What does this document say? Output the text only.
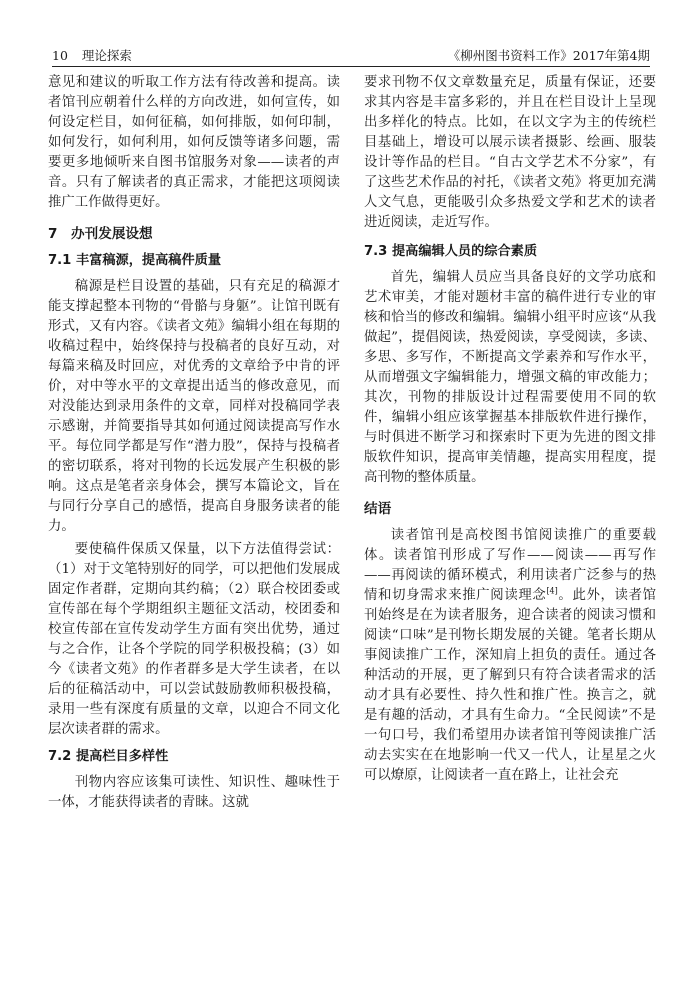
10 理论探索	《柳州图书资料工作》2017年第4期

意见和建议的听取工作方法有待改善和提高。读者馆刊应朝着什么样的方向改进，如何宣传，如何设定栏目，如何征稿，如何排版，如何印制，如何发行，如何利用，如何反馈等诸多问题，需要更多地倾听来自图书馆服务对象——读者的声音。只有了解读者的真正需求，才能把这项阅读推广工作做得更好。

7　办刊发展设想
7.1 丰富稿源，提高稿件质量

稿源是栏目设置的基础，只有充足的稿源才能支撑起整本刊物的“骨骼与身躯”。让馆刊既有形式，又有内容。《读者文苑》编辑小组在每期的收稿过程中，始终保持与投稿者的良好互动，对每篇来稿及时回应，对优秀的文章给予中肯的评价，对中等水平的文章提出适当的修改意见，而对没能达到录用条件的文章，同样对投稿同学表示感谢，并简要指导其如何通过阅读提高写作水平。每位同学都是写作“潜力股”，保持与投稿者的密切联系，将对刊物的长远发展产生积极的影响。这点是笔者亲身体会，撰写本篇论文，旨在与同行分享自己的感悟，提高自身服务读者的能力。

要使稿件保质又保量，以下方法值得尝试：（1）对于文笔特别好的同学，可以把他们发展成固定作者群，定期向其约稿；（2）联合校团委或宣传部在每个学期组织主题征文活动，校团委和校宣传部在宣传发动学生方面有突出优势，通过与之合作，让各个学院的同学积极投稿；(3）如今《读者文苑》的作者群多是大学生读者，在以后的征稿活动中，可以尝试鼓励教师积极投稿，录用一些有深度有质量的文章，以迎合不同文化层次读者群的需求。

7.2 提高栏目多样性

刊物内容应该集可读性、知识性、趣味性于一体，才能获得读者的青睐。这就

要求刊物不仅文章数量充足，质量有保证，还要求其内容是丰富多彩的，并且在栏目设计上呈现出多样化的特点。比如，在以文字为主的传统栏目基础上，增设可以展示读者摄影、绘画、服装设计等作品的栏目。“自古文学艺术不分家”，有了这些艺术作品的衬托，《读者文苑》将更加充满人文气息，更能吸引众多热爱文学和艺术的读者进近阅读，走近写作。

7.3 提高编辑人员的综合素质

首先，编辑人员应当具备良好的文学功底和艺术审美，才能对题材丰富的稿件进行专业的审核和恰当的修改和编辑。编辑小组平时应该“从我做起”，提倡阅读，热爱阅读，享受阅读，多读、多思、多写作，不断提高文学素养和写作水平，从而增强文字编辑能力，增强文稿的审改能力；其次，刊物的排版设计过程需要使用不同的软件，编辑小组应该掌握基本排版软件进行操作，与时俱进不断学习和探索时下更为先进的图文排版软件知识，提高审美情趣，提高实用程度，提高刊物的整体质量。

结语

读者馆刊是高校图书馆阅读推广的重要载体。读者馆刊形成了写作——阅读——再写作——再阅读的循环模式，利用读者广泛参与的热情和切身需求来推广阅读理念[4]。此外，读者馆刊始终是在为读者服务，迎合读者的阅读习惯和阅读“口味”是刊物长期发展的关键。笔者长期从事阅读推广工作，深知肩上担负的责任。通过各种活动的开展，更了解到只有符合读者需求的活动才具有必要性、持久性和推广性。换言之，就是有趣的活动，才具有生命力。“全民阅读”不是一句口号，我们希望用办读者馆刊等阅读推广活动去实实在在地影响一代又一代人，让星星之火可以燎原，让阅读者一直在路上，让社会充
